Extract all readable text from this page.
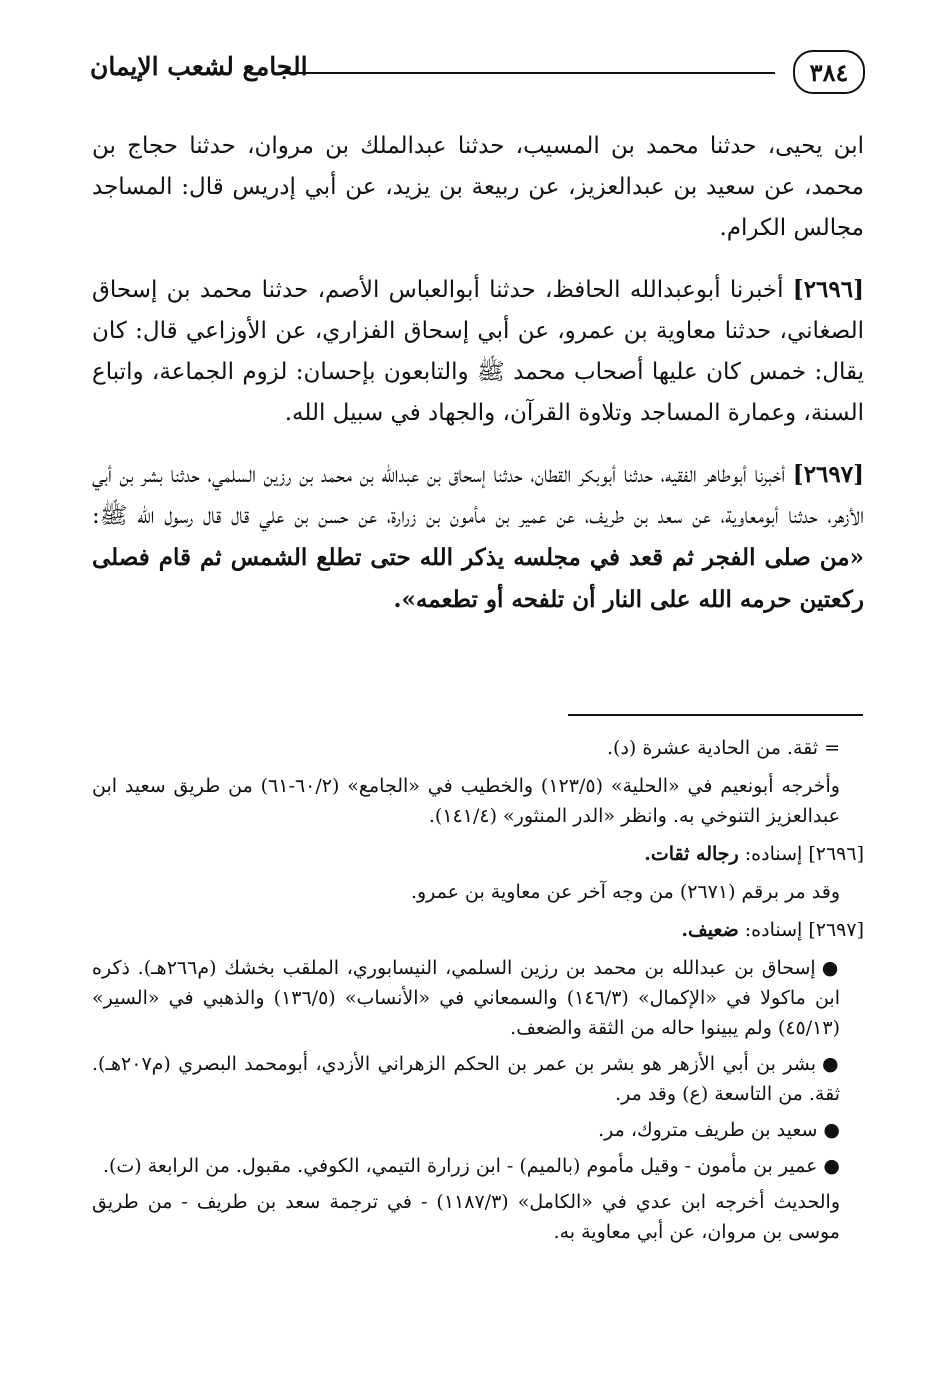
٣٨٤
الجامع لشعب الإيمان

ابن يحيى، حدثنا محمد بن المسيب، حدثنا عبدالملك بن مروان، حدثنا حجاج بن محمد، عن سعيد بن عبدالعزيز، عن ربيعة بن يزيد، عن أبي إدريس قال: المساجد مجالس الكرام.

[٢٦٩٦] أخبرنا أبوعبدالله الحافظ، حدثنا أبوالعباس الأصم، حدثنا محمد بن إسحاق الصغاني، حدثنا معاوية بن عمرو، عن أبي إسحاق الفزاري، عن الأوزاعي قال: كان يقال: خمس كان عليها أصحاب محمد ﷺ والتابعون بإحسان: لزوم الجماعة، واتباع السنة، وعمارة المساجد وتلاوة القرآن، والجهاد في سبيل الله.

[٢٦٩٧] أخبرنا أبوطاهر الفقيه، حدثنا أبوبكر القطان، حدثنا إسحاق بن عبدالله بن محمد بن رزين السلمي، حدثنا بشر بن أبي الأزهر، حدثنا أبومعاوية، عن سعد بن طريف، عن عمير بن مأمون بن زرارة، عن حسن بن علي قال قال رسول الله ﷺ: «من صلى الفجر ثم قعد في مجلسه يذكر الله حتى تطلع الشمس ثم قام فصلى ركعتين حرمه الله على النار أن تلفحه أو تطعمه».

= ثقة. من الحادية عشرة (د).

وأخرجه أبونعيم في «الحلية» (١٢٣/٥) والخطيب في «الجامع» (٦٠/٢-٦١) من طريق سعيد ابن عبدالعزيز التنوخي به. وانظر «الدر المنثور» (١٤١/٤).

[٢٦٩٦] إسناده: رجاله ثقات.

وقد مر برقم (٢٦٧١) من وجه آخر عن معاوية بن عمرو.

[٢٦٩٧] إسناده: ضعيف.

●إسحاق بن عبدالله بن محمد بن رزين السلمي، النيسابوري، الملقب بخشك (م٢٦٦هـ). ذكره ابن ماكولا في «الإكمال» (١٤٦/٣) والسمعاني في «الأنساب» (١٣٦/٥) والذهبي في «السير» (٤٥/١٣) ولم يبينوا حاله من الثقة والضعف.

●بشر بن أبي الأزهر هو بشر بن عمر بن الحكم الزهراني الأزدي، أبومحمد البصري (م٢٠٧هـ). ثقة. من التاسعة (ع) وقد مر.

●سعيد بن طريف متروك، مر.

●عمير بن مأمون - وقيل مأموم (بالميم) - ابن زرارة التيمي، الكوفي. مقبول. من الرابعة (ت).

والحديث أخرجه ابن عدي في «الكامل» (١١٨٧/٣) - في ترجمة سعد بن طريف - من طريق موسى بن مروان، عن أبي معاوية به.
